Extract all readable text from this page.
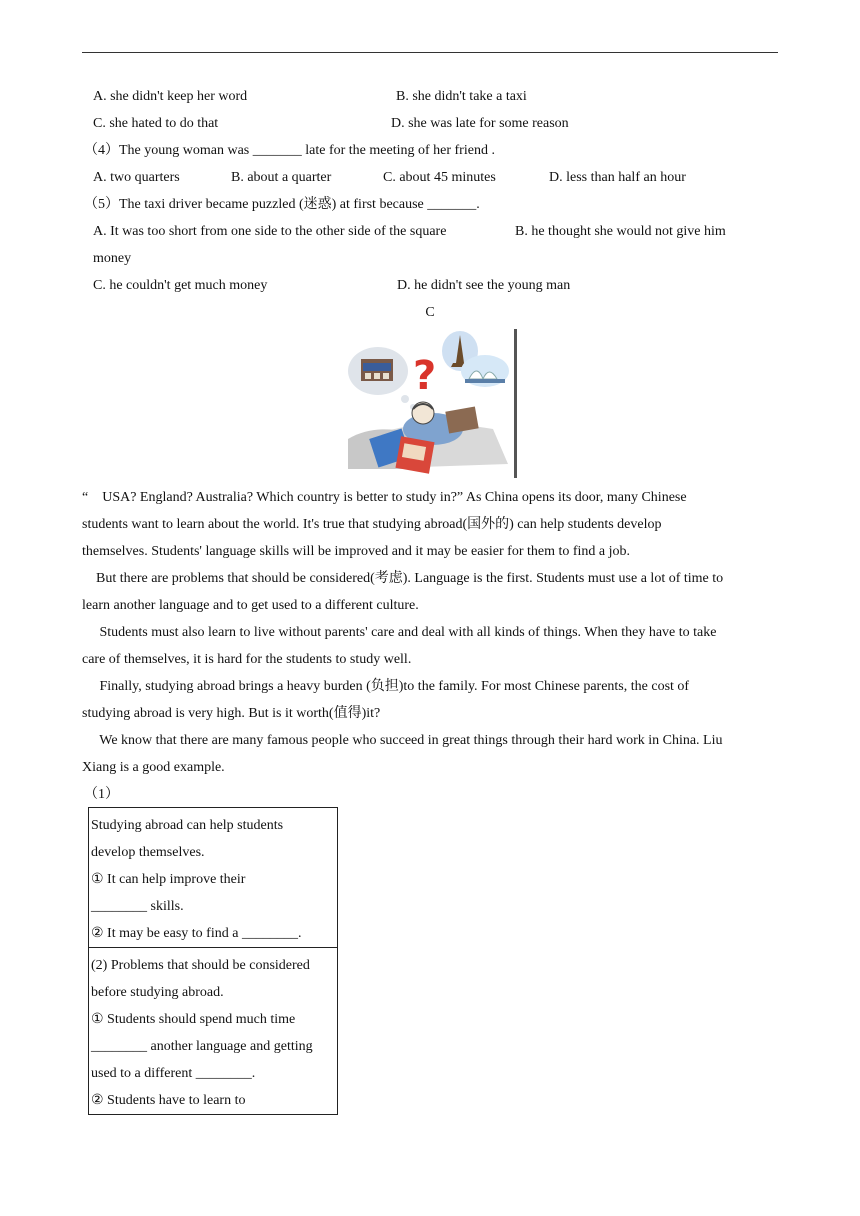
A. she didn't keep her word	B. she didn't take a taxi
C. she hated to do that	D. she was late for some reason
（4）The young woman was _______ late for the meeting of her friend .
A. two quarters	B. about a quarter	C. about 45 minutes	D. less than half an hour
（5）The taxi driver became puzzled (迷惑) at first because _______.
A. It was too short from one side to the other side of the square	B. he thought she would not give him
money
C. he couldn't get much money	D. he didn't see the young man
C
?
“　USA? England? Australia? Which country is better to study in?” As China opens its door, many Chinese
students want to learn about the world. It's true that studying abroad(国外的) can help students develop
themselves. Students' language skills will be improved and it may be easier for them to find a job.
　But there are problems that should be considered(考虑). Language is the first. Students must use a lot of time to
learn another language and to get used to a different culture.
　 Students must also learn to live without parents' care and deal with all kinds of things. When they have to take
care of themselves, it is hard for the students to study well.
　 Finally, studying abroad brings a heavy burden (负担)to the family. For most Chinese parents, the cost of
studying abroad is very high. But is it worth(值得)it?
　 We know that there are many famous people who succeed in great things through their hard work in China. Liu
Xiang is a good example.
（1）
Studying abroad can help students
develop themselves.
① It can help improve their
________ skills.
② It may be easy to find a ________.
(2) Problems that should be considered
before studying abroad.
① Students should spend much time
________ another language and getting
used to a different ________.
② Students have to learn to
